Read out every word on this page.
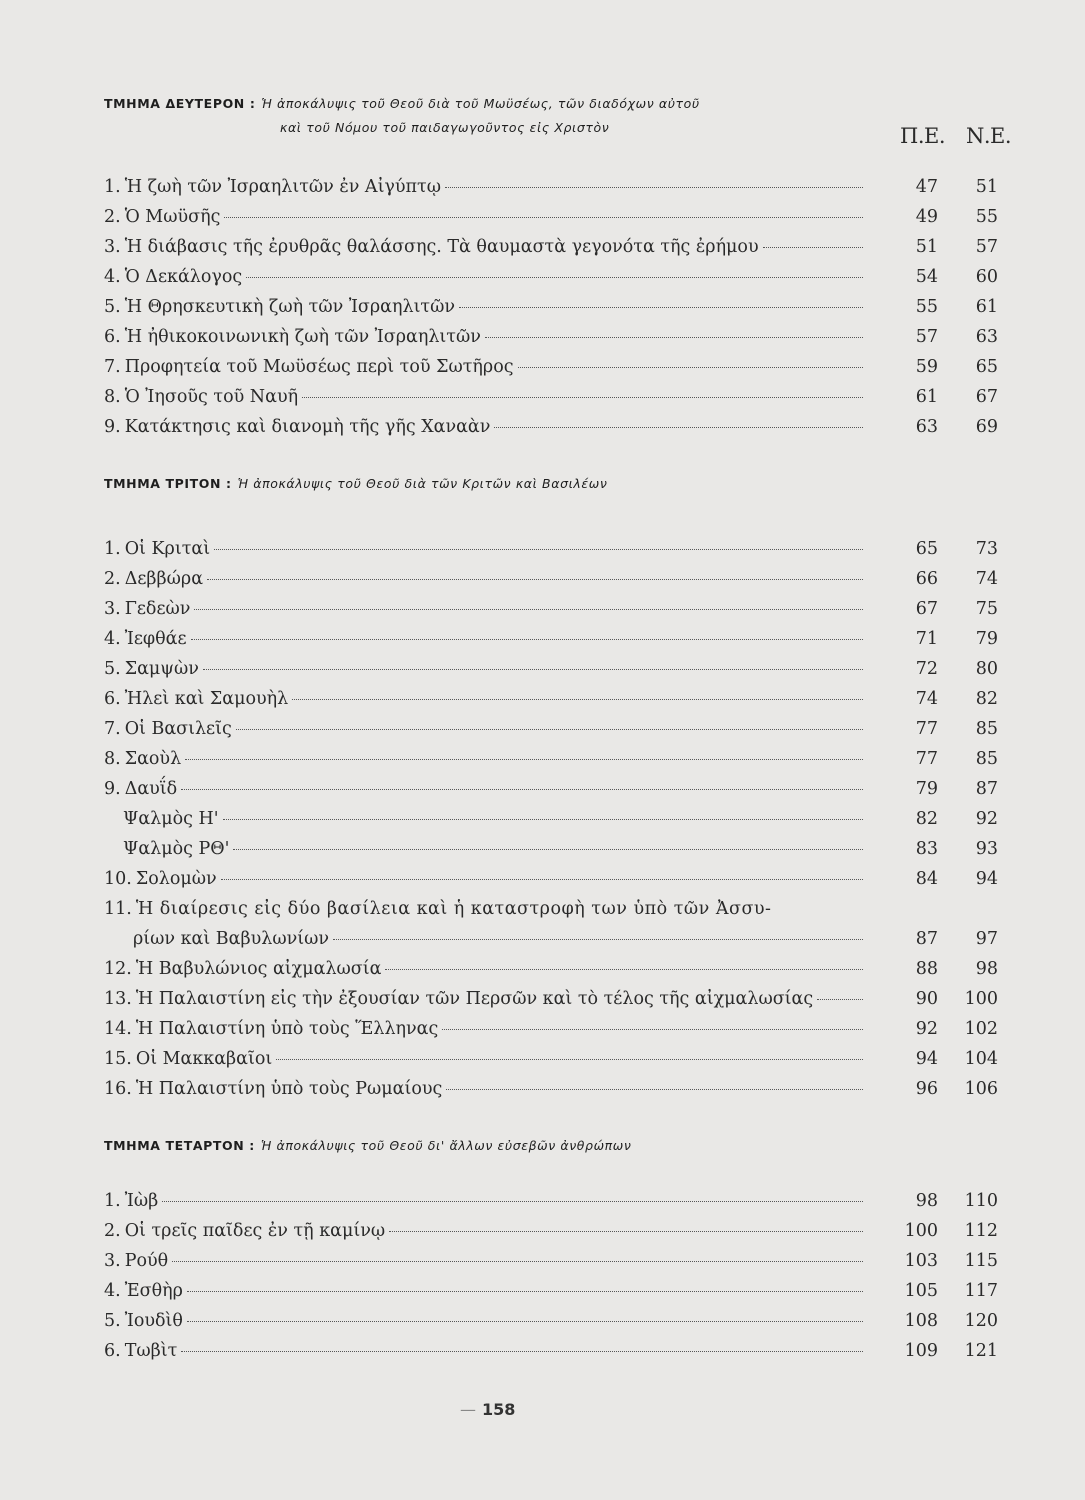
ΤΜΗΜΑ ΔΕΥΤΕΡΟΝ : Ἡ ἀποκάλυψις τοῦ Θεοῦ διὰ τοῦ Μωϋσέως, τῶν διαδόχων αὐτοῦ
καὶ τοῦ Νόμου τοῦ παιδαγωγοῦντος εἰς Χριστὸν	Π.Ε. Ν.Ε.
1. Ἡ ζωὴ τῶν Ἰσραηλιτῶν ἐν Αἰγύπτῳ	47	51
2. Ὁ Μωϋσῆς	49	55
3. Ἡ διάβασις τῆς ἐρυθρᾶς θαλάσσης. Τὰ θαυμαστὰ γεγονότα τῆς ἐρήμου	51	57
4. Ὁ Δεκάλογος	54	60
5. Ἡ Θρησκευτικὴ ζωὴ τῶν Ἰσραηλιτῶν	55	61
6. Ἡ ἠθικοκοινωνικὴ ζωὴ τῶν Ἰσραηλιτῶν	57	63
7. Προφητεία τοῦ Μωϋσέως περὶ τοῦ Σωτῆρος	59	65
8. Ὁ Ἰησοῦς τοῦ Ναυῆ	61	67
9. Κατάκτησις καὶ διανομὴ τῆς γῆς Χαναὰν	63	69
ΤΜΗΜΑ ΤΡΙΤΟΝ : Ἡ ἀποκάλυψις τοῦ Θεοῦ διὰ τῶν Κριτῶν καὶ Βασιλέων
1. Οἱ Κριταὶ	65	73
2. Δεββώρα	66	74
3. Γεδεὼν	67	75
4. Ἰεφθάε	71	79
5. Σαμψὼν	72	80
6. Ἠλεὶ καὶ Σαμουὴλ	74	82
7. Οἱ Βασιλεῖς	77	85
8. Σαοὺλ	77	85
9. Δαυΐδ	79	87
Ψαλμὸς Η'	82	92
Ψαλμὸς ΡΘ'	83	93
10. Σολομὼν	84	94
11. Ἡ διαίρεσις εἰς δύο βασίλεια καὶ ἡ καταστροφὴ των ὑπὸ τῶν Ἀσσυ-
ρίων καὶ Βαβυλωνίων	87	97
12. Ἡ Βαβυλώνιος αἰχμαλωσία	88	98
13. Ἡ Παλαιστίνη εἰς τὴν ἐξουσίαν τῶν Περσῶν καὶ τὸ τέλος τῆς αἰχμαλωσίας	90	100
14. Ἡ Παλαιστίνη ὑπὸ τοὺς Ἕλληνας	92	102
15. Οἱ Μακκαβαῖοι	94	104
16. Ἡ Παλαιστίνη ὑπὸ τοὺς Ρωμαίους	96	106
ΤΜΗΜΑ ΤΕΤΑΡΤΟΝ : Ἡ ἀποκάλυψις τοῦ Θεοῦ δι' ἄλλων εὐσεβῶν ἀνθρώπων
1. Ἰὼβ	98	110
2. Οἱ τρεῖς παῖδες ἐν τῇ καμίνῳ	100	112
3. Ρούθ	103	115
4. Ἐσθὴρ	105	117
5. Ἰουδὶθ	108	120
6. Τωβὶτ	109	121
— 158
